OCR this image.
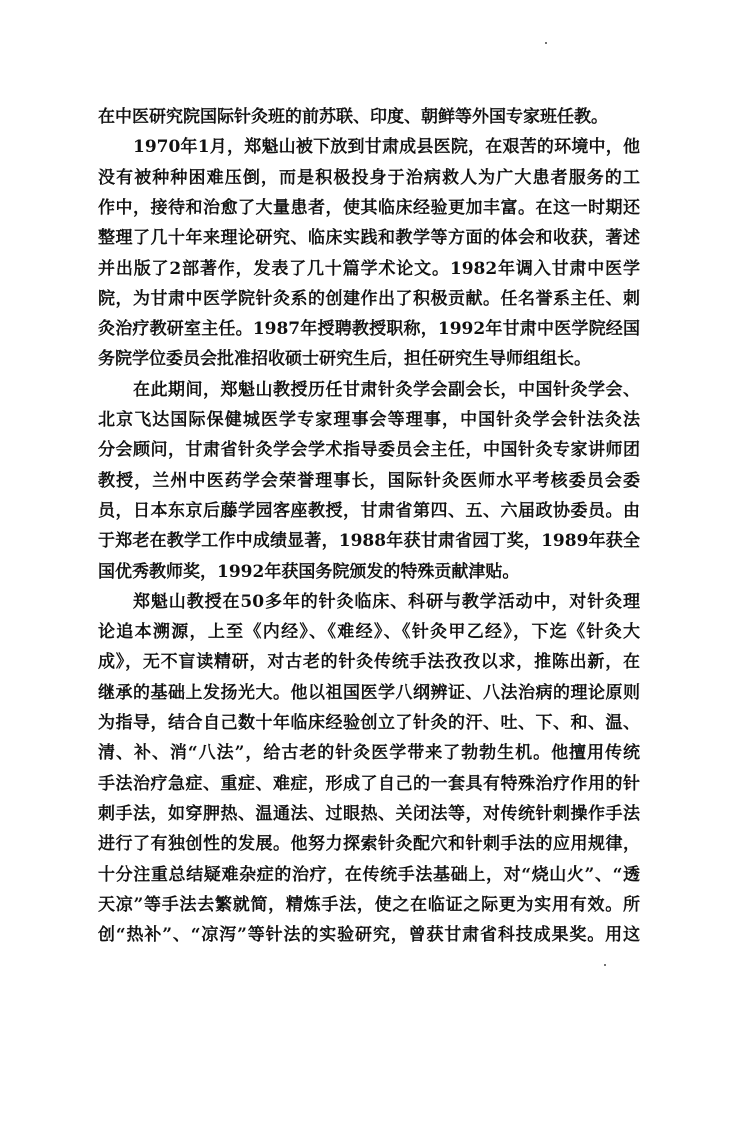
在中医研究院国际针灸班的前苏联、印度、朝鲜等外国专家班任教。
1970年1月，郑魁山被下放到甘肃成县医院，在艰苦的环境中，他
没有被种种困难压倒，而是积极投身于治病救人为广大患者服务的工
作中，接待和治愈了大量患者，使其临床经验更加丰富。在这一时期还
整理了几十年来理论研究、临床实践和教学等方面的体会和收获，著述
并出版了2部著作，发表了几十篇学术论文。1982年调入甘肃中医学
院，为甘肃中医学院针灸系的创建作出了积极贡献。任名誉系主任、刺
灸治疗教研室主任。1987年授聘教授职称，1992年甘肃中医学院经国
务院学位委员会批准招收硕士研究生后，担任研究生导师组组长。
在此期间，郑魁山教授历任甘肃针灸学会副会长，中国针灸学会、
北京飞达国际保健城医学专家理事会等理事，中国针灸学会针法灸法
分会顾问，甘肃省针灸学会学术指导委员会主任，中国针灸专家讲师团
教授，兰州中医药学会荣誉理事长，国际针灸医师水平考核委员会委
员，日本东京后藤学园客座教授，甘肃省第四、五、六届政协委员。由
于郑老在教学工作中成绩显著，1988年获甘肃省园丁奖，1989年获全
国优秀教师奖，1992年获国务院颁发的特殊贡献津贴。
郑魁山教授在50多年的针灸临床、科研与教学活动中，对针灸理
论追本溯源，上至《内经》、《难经》、《针灸甲乙经》，下迄《针灸大
成》，无不盲读精研，对古老的针灸传统手法孜孜以求，推陈出新，在
继承的基础上发扬光大。他以祖国医学八纲辨证、八法治病的理论原则
为指导，结合自己数十年临床经验创立了针灸的汗、吐、下、和、温、
清、补、消“八法”，给古老的针灸医学带来了勃勃生机。他擅用传统
手法治疗急症、重症、难症，形成了自己的一套具有特殊治疗作用的针
刺手法，如穿胛热、温通法、过眼热、关闭法等，对传统针刺操作手法
进行了有独创性的发展。他努力探索针灸配穴和针刺手法的应用规律，
十分注重总结疑难杂症的治疗，在传统手法基础上，对“烧山火”、“透
天凉”等手法去繁就简，精炼手法，使之在临证之际更为实用有效。所
创“热补”、“凉泻”等针法的实验研究，曾获甘肃省科技成果奖。用这
